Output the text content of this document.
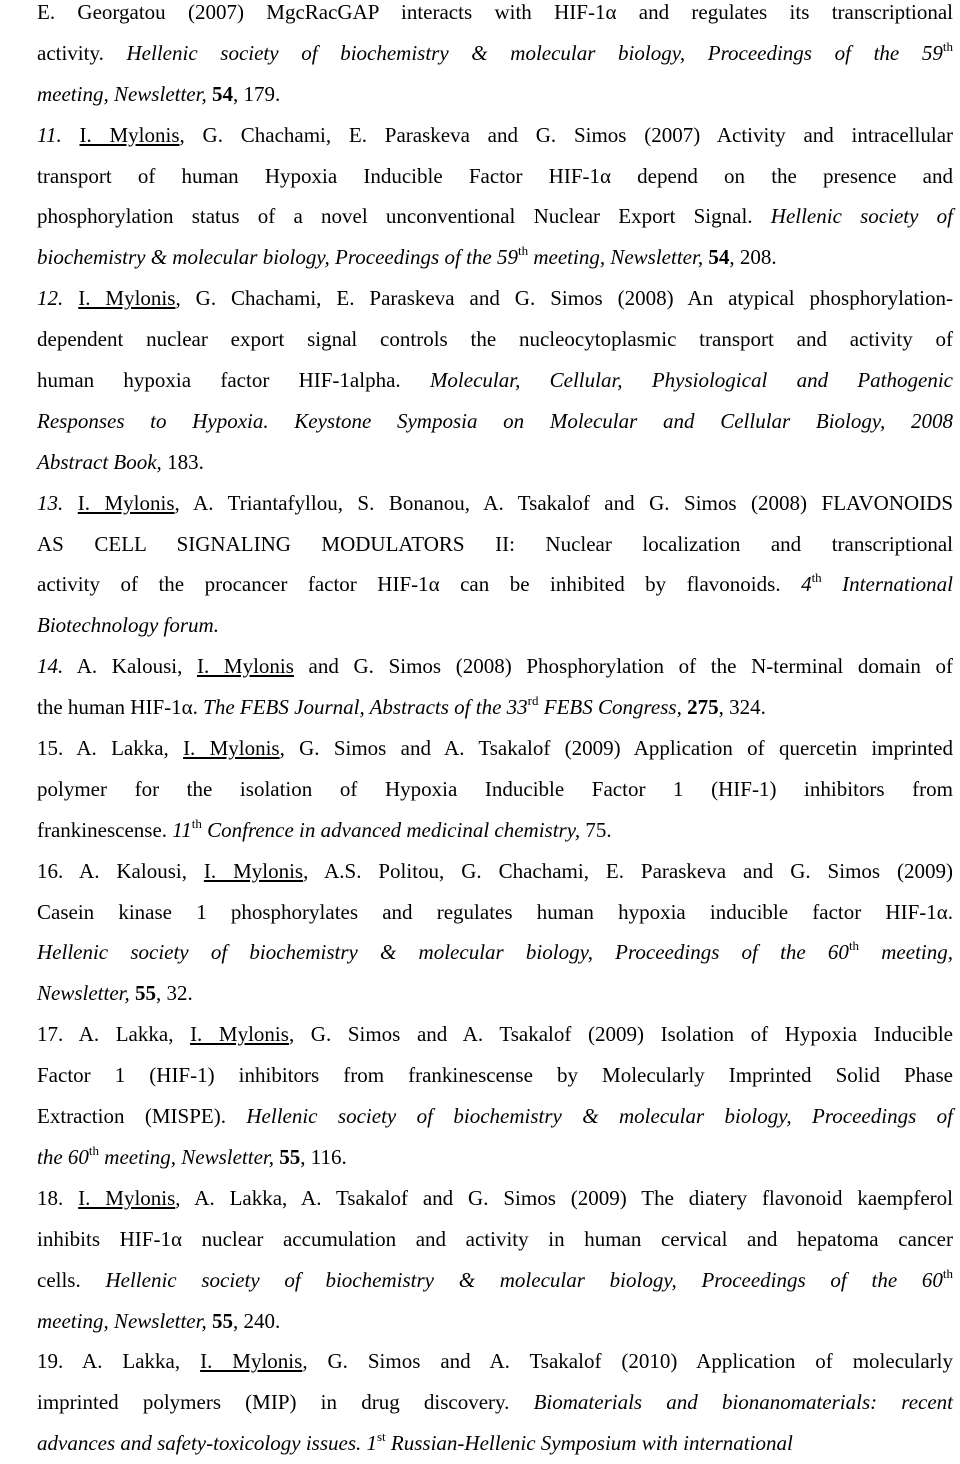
E. Georgatou (2007) MgcRacGAP interacts with HIF-1α and regulates its transcriptional
activity. Hellenic society of biochemistry & molecular biology, Proceedings of the 59th
meeting, Newsletter, 54, 179.
11. I. Mylonis, G. Chachami, E. Paraskeva and G. Simos (2007) Activity and intracellular
transport of human Hypoxia Inducible Factor HIF-1α depend on the presence and
phosphorylation status of a novel unconventional Nuclear Export Signal. Hellenic society of
biochemistry & molecular biology, Proceedings of the 59th meeting, Newsletter, 54, 208.
12. I. Mylonis, G. Chachami, E. Paraskeva and G. Simos (2008) An atypical phosphorylation-
dependent nuclear export signal controls the nucleocytoplasmic transport and activity of
human hypoxia factor HIF-1alpha. Molecular, Cellular, Physiological and Pathogenic
Responses to Hypoxia. Keystone Symposia on Molecular and Cellular Biology, 2008
Abstract Book, 183.
13. I. Mylonis, A. Triantafyllou, S. Bonanou, A. Tsakalof and G. Simos (2008) FLAVONOIDS
AS CELL SIGNALING MODULATORS II: Nuclear localization and transcriptional
activity of the procancer factor HIF-1α can be inhibited by flavonoids. 4th International
Biotechnology forum.
14. A. Kalousi, I. Mylonis and G. Simos (2008) Phosphorylation of the N-terminal domain of
the human HIF-1α. The FEBS Journal, Abstracts of the 33rd FEBS Congress, 275, 324.
15. A. Lakka, I. Mylonis, G. Simos and A. Tsakalof (2009) Application of quercetin imprinted
polymer for the isolation of Hypoxia Inducible Factor 1 (HIF-1) inhibitors from
frankinescense. 11th Confrence in advanced medicinal chemistry, 75.
16. A. Kalousi, I. Mylonis, A.S. Politou, G. Chachami, E. Paraskeva and G. Simos (2009)
Casein kinase 1 phosphorylates and regulates human hypoxia inducible factor HIF-1α.
Hellenic society of biochemistry & molecular biology, Proceedings of the 60th meeting,
Newsletter, 55, 32.
17. A. Lakka, I. Mylonis, G. Simos and A. Tsakalof (2009) Isolation of Hypoxia Inducible
Factor 1 (HIF-1) inhibitors from frankinescense by Molecularly Imprinted Solid Phase
Extraction (MISPE). Hellenic society of biochemistry & molecular biology, Proceedings of
the 60th meeting, Newsletter, 55, 116.
18. I. Mylonis, A. Lakka, A. Tsakalof and G. Simos (2009) The diatery flavonoid kaempferol
inhibits HIF-1α nuclear accumulation and activity in human cervical and hepatoma cancer
cells. Hellenic society of biochemistry & molecular biology, Proceedings of the 60th
meeting, Newsletter, 55, 240.
19. A. Lakka, I. Mylonis, G. Simos and A. Tsakalof (2010) Application of molecularly
imprinted polymers (MIP) in drug discovery. Biomaterials and bionanomaterials: recent
advances and safety-toxicology issues. 1st Russian-Hellenic Symposium with international
